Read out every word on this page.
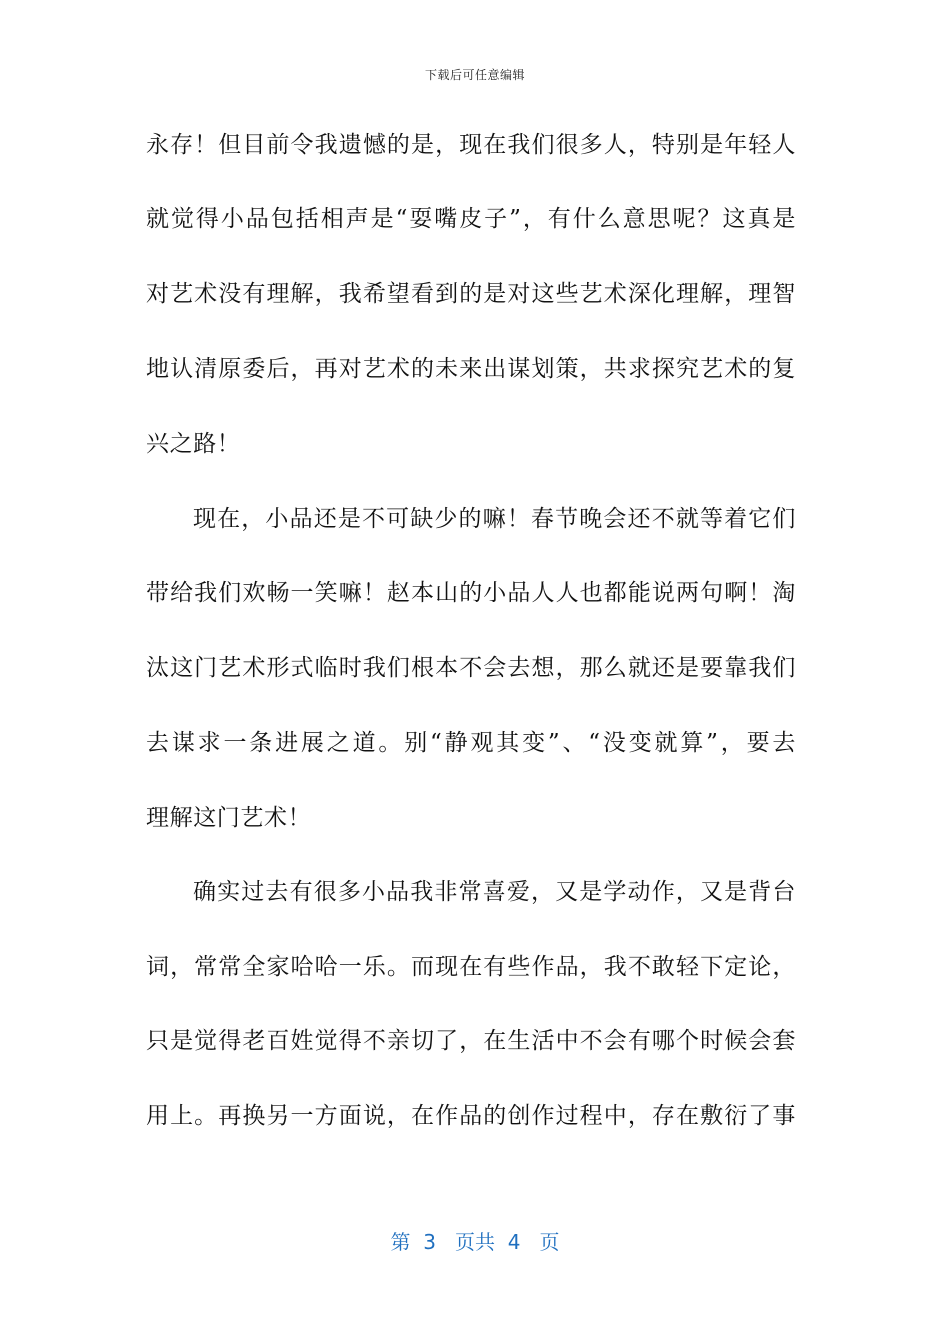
下载后可任意编辑
永存！但目前令我遗憾的是，现在我们很多人，特别是年轻人
就觉得小品包括相声是“耍嘴皮子”，有什么意思呢？这真是
对艺术没有理解，我希望看到的是对这些艺术深化理解，理智
地认清原委后，再对艺术的未来出谋划策，共求探究艺术的复
兴之路！
现在，小品还是不可缺少的嘛！春节晚会还不就等着它们
带给我们欢畅一笑嘛！赵本山的小品人人也都能说两句啊！淘
汰这门艺术形式临时我们根本不会去想，那么就还是要靠我们
去谋求一条进展之道。别“静观其变”、“没变就算”，要去
理解这门艺术！
确实过去有很多小品我非常喜爱，又是学动作，又是背台
词，常常全家哈哈一乐。而现在有些作品，我不敢轻下定论，
只是觉得老百姓觉得不亲切了，在生活中不会有哪个时候会套
用上。再换另一方面说，在作品的创作过程中，存在敷衍了事
第  3   页共  4   页
